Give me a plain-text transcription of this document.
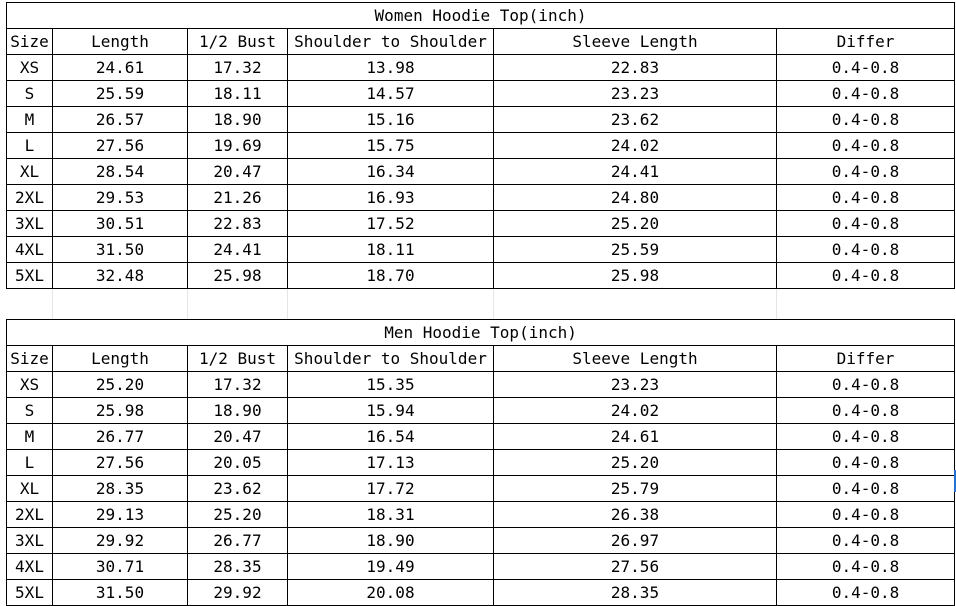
Women Hoodie Top(inch)					
Size	Length	1/2 Bust	Shoulder to Shoulder	Sleeve Length	Differ
XS	24.61	17.32	13.98	22.83	0.4-0.8
S	25.59	18.11	14.57	23.23	0.4-0.8
M	26.57	18.90	15.16	23.62	0.4-0.8
L	27.56	19.69	15.75	24.02	0.4-0.8
XL	28.54	20.47	16.34	24.41	0.4-0.8
2XL	29.53	21.26	16.93	24.80	0.4-0.8
3XL	30.51	22.83	17.52	25.20	0.4-0.8
4XL	31.50	24.41	18.11	25.59	0.4-0.8
5XL	32.48	25.98	18.70	25.98	0.4-0.8
Men Hoodie Top(inch)					
Size	Length	1/2 Bust	Shoulder to Shoulder	Sleeve Length	Differ
XS	25.20	17.32	15.35	23.23	0.4-0.8
S	25.98	18.90	15.94	24.02	0.4-0.8
M	26.77	20.47	16.54	24.61	0.4-0.8
L	27.56	20.05	17.13	25.20	0.4-0.8
XL	28.35	23.62	17.72	25.79	0.4-0.8
2XL	29.13	25.20	18.31	26.38	0.4-0.8
3XL	29.92	26.77	18.90	26.97	0.4-0.8
4XL	30.71	28.35	19.49	27.56	0.4-0.8
5XL	31.50	29.92	20.08	28.35	0.4-0.8
